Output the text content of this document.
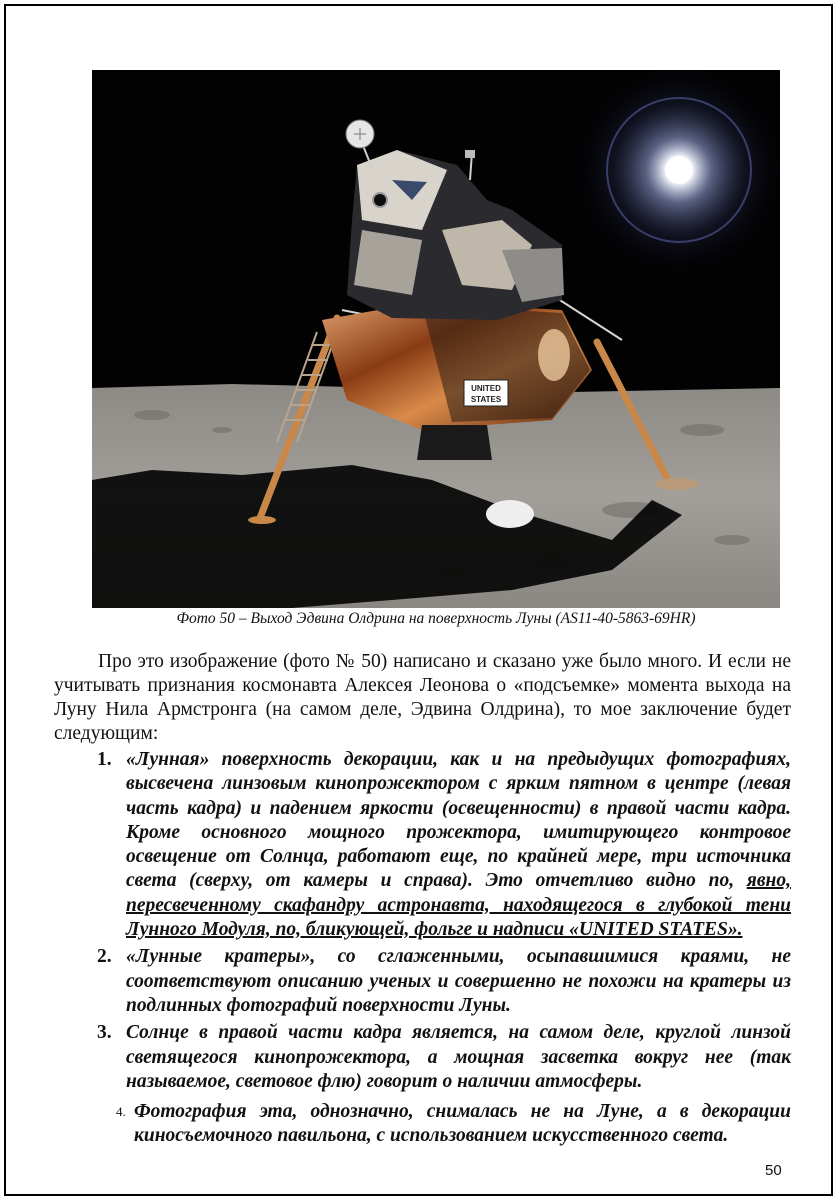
UNITED
STATES
Фото 50 – Выход Эдвина Олдрина на поверхность Луны (AS11-40-5863-69HR)

Про это изображение (фото № 50) написано и сказано уже было много. И если не учитывать признания космонавта Алексея Леонова о «подсъемке» момента выхода на Луну Нила Армстронга (на самом деле, Эдвина Олдрина), то мое заключение будет следующим:

1. «Лунная» поверхность декорации, как и на предыдущих фотографиях, высвечена линзовым кинопрожектором с ярким пятном в центре (левая часть кадра) и падением яркости (освещенности) в правой части кадра. Кроме основного мощного прожектора, имитирующего контровое освещение от Солнца, работают еще, по крайней мере, три источника света (сверху, от камеры и справа). Это отчетливо видно по, явно, пересвеченному скафандру астронавта, находящегося в глубокой тени Лунного Модуля, по, бликующей, фольге и надписи «UNITED STATES».
2. «Лунные кратеры», со сглаженными, осыпавшимися краями, не соответствуют описанию ученых и совершенно не похожи на кратеры из подлинных фотографий поверхности Луны.
3. Солнце в правой части кадра является, на самом деле, круглой линзой светящегося кинопрожектора, а мощная засветка вокруг нее (так называемое, световое флю) говорит о наличии атмосферы.
4. Фотография эта, однозначно, снималась не на Луне, а в декорации киносъемочного павильона, с использованием искусственного света.
50
